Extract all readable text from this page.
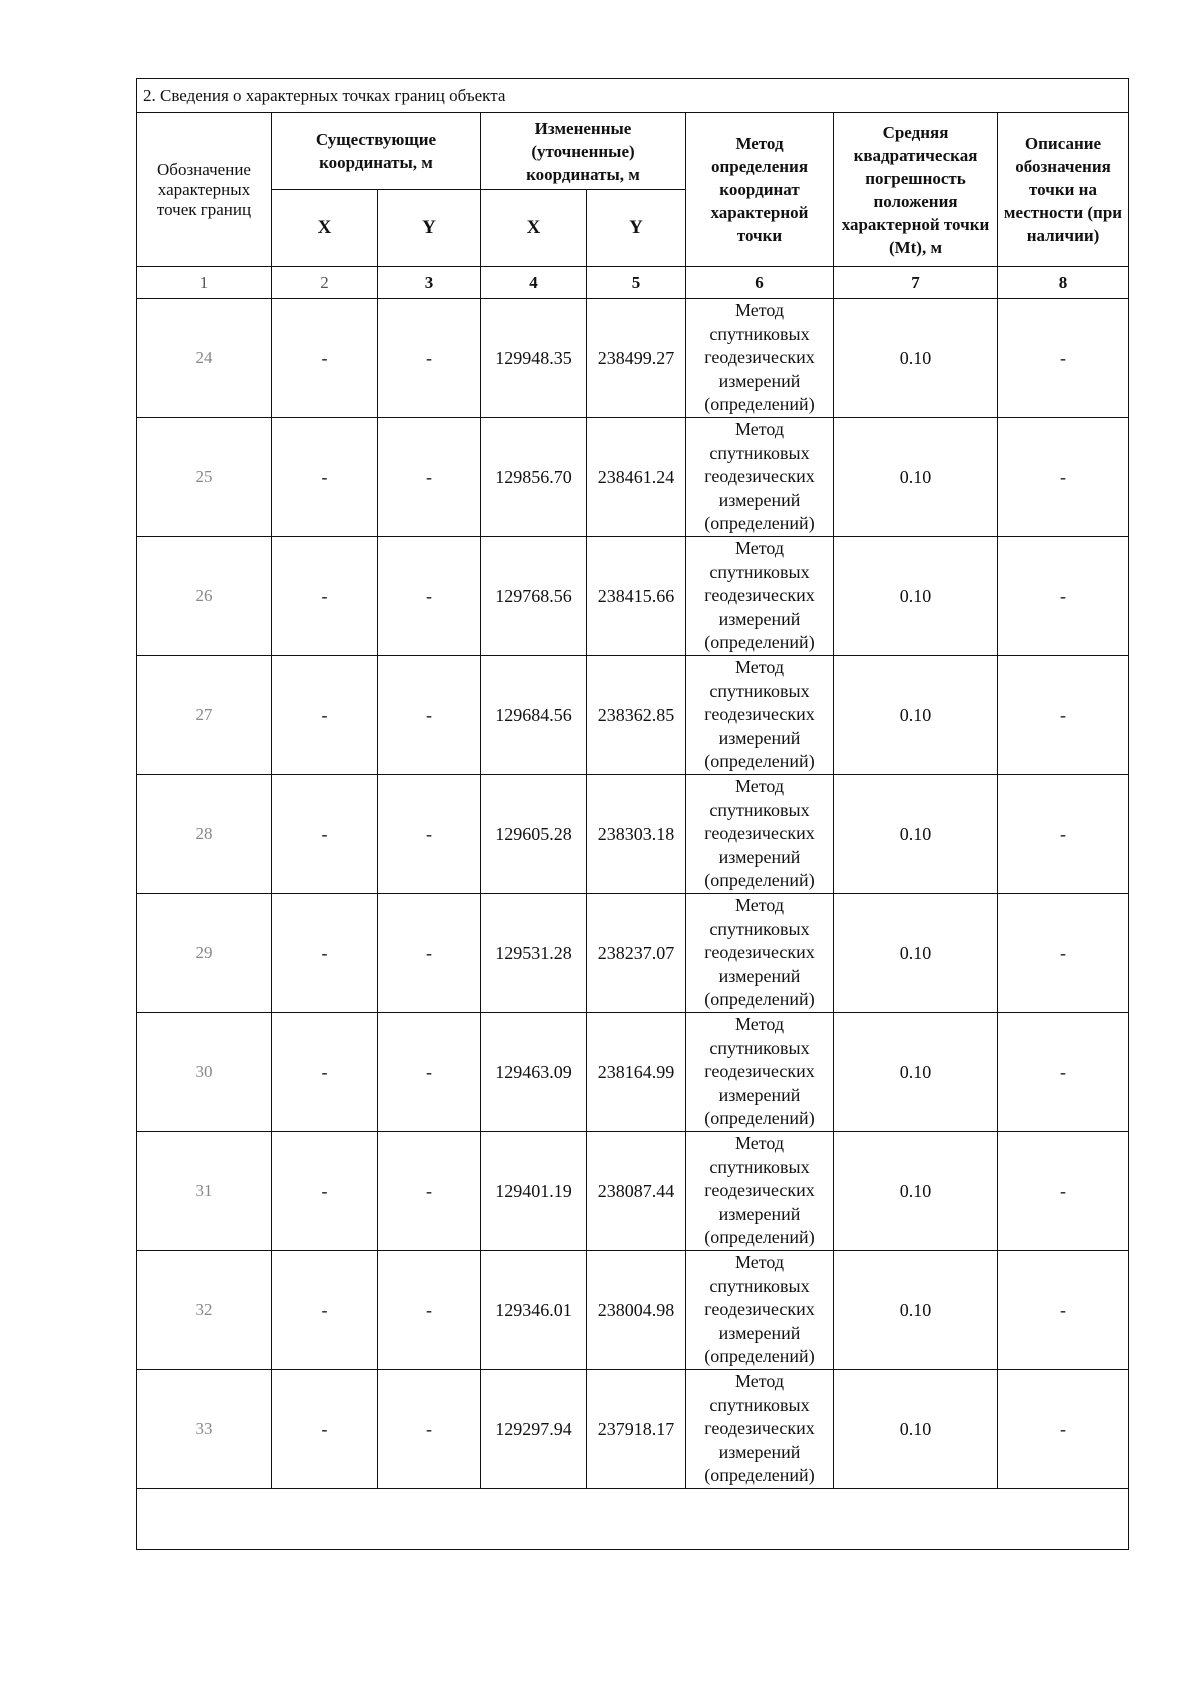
2. Сведения о характерных точках границ объекта							
Обозначение характерных точек границ	Существующие координаты, м		Измененные (уточненные) координаты, м		Метод определения координат характерной точки	Средняя квадратическая погрешность положения характерной точки (Mt), м	Описание обозначения точки на местности (при наличии)
	X	Y	X	Y			
1	2	3	4	5	6	7	8
24	-	-	129948.35	238499.27	Метод спутниковых геодезических измерений (определений)	0.10	-
25	-	-	129856.70	238461.24	Метод спутниковых геодезических измерений (определений)	0.10	-
26	-	-	129768.56	238415.66	Метод спутниковых геодезических измерений (определений)	0.10	-
27	-	-	129684.56	238362.85	Метод спутниковых геодезических измерений (определений)	0.10	-
28	-	-	129605.28	238303.18	Метод спутниковых геодезических измерений (определений)	0.10	-
29	-	-	129531.28	238237.07	Метод спутниковых геодезических измерений (определений)	0.10	-
30	-	-	129463.09	238164.99	Метод спутниковых геодезических измерений (определений)	0.10	-
31	-	-	129401.19	238087.44	Метод спутниковых геодезических измерений (определений)	0.10	-
32	-	-	129346.01	238004.98	Метод спутниковых геодезических измерений (определений)	0.10	-
33	-	-	129297.94	237918.17	Метод спутниковых геодезических измерений (определений)	0.10	-
